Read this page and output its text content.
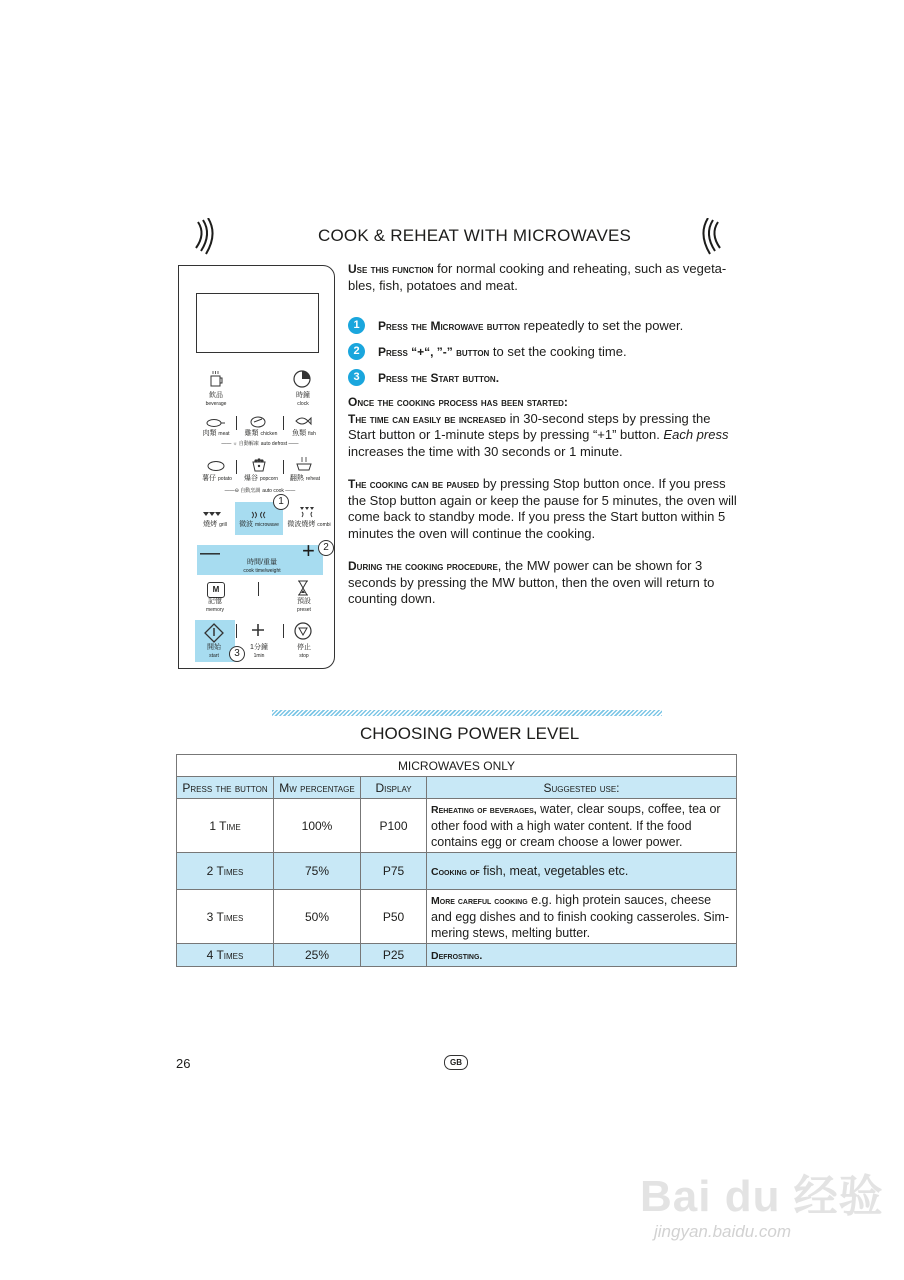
COOK & REHEAT WITH MICROWAVES
Use this function for normal cooking and reheating, such as vegeta-bles, fish, potatoes and meat.
1	Press the Microwave button repeatedly to set the power.
2	Press “+“, ”-” button to set the cooking time.
3	Press the Start button.
Once the cooking process has been started:
The time can easily be increased in 30-second steps by pressing the Start button or 1-minute steps by pressing “+1” button. Each press increases the time with 30 seconds or 1 minute.
The cooking can be paused by pressing Stop button once. If you press the Stop button again or keep the pause for 5 minutes, the oven will come back to standby mode. If you press the Start button within 5 minutes the oven will continue the cooking.
During the cooking procedure, the MW power can be shown for 3 seconds by pressing the MW button, then the oven will return to counting down.
飲品
beverage
時鐘
clock
肉類 meat	雞類 chicken	魚類 fish
—— ☼ 自動解凍 auto defrost ——
薯仔 potato	爆谷 popcorn	翻熱 reheat
——⊖ 自動烹調 auto cook ——
燒烤 grill	微波 microwave	微波燒烤 combi
1
—	+
時間/重量
cook time/weight
2
M
記憶
memory
預設
preset
開始
start	3
1分鐘
1min
停止
stop
CHOOSING POWER LEVEL
MICROWAVES ONLY			
Press the button	Mw percentage	Display	Suggested use:
1 Time	100%	P100	Reheating of beverages, water, clear soups, coffee, tea or other food with a high water content. If the food contains egg or cream choose a lower power.
2 Times	75%	P75	Cooking of fish, meat, vegetables etc.
3 Times	50%	P50	More careful cooking e.g. high protein sauces, cheese and egg dishes and to finish cooking casseroles. Sim-mering stews, melting butter.
4 Times	25%	P25	Defrosting.
26	GB
Bai du 经验
jingyan.baidu.com
